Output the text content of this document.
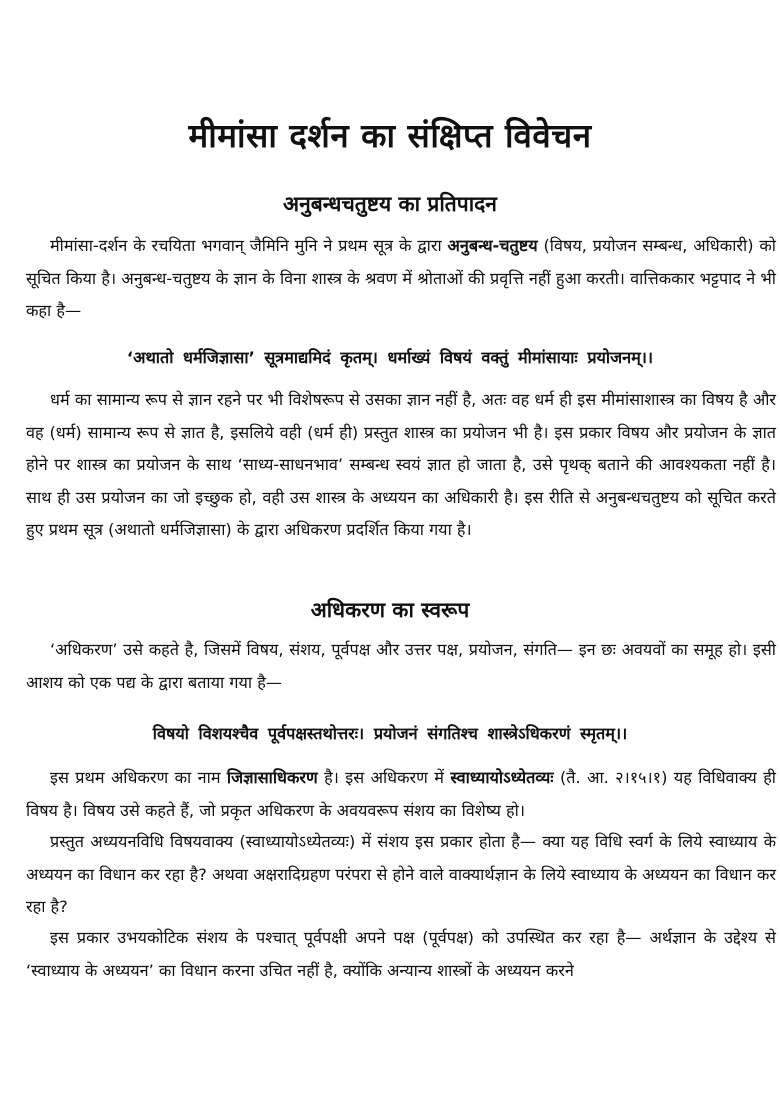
मीमांसा दर्शन का संक्षिप्त विवेचन
अनुबन्धचतुष्टय का प्रतिपादन
मीमांसा-दर्शन के रचयिता भगवान् जैमिनि मुनि ने प्रथम सूत्र के द्वारा अनुबन्ध-चतुष्टय (विषय, प्रयोजन सम्बन्ध, अधिकारी) को सूचित किया है। अनुबन्ध-चतुष्टय के ज्ञान के विना शास्त्र के श्रवण में श्रोताओं की प्रवृत्ति नहीं हुआ करती। वात्तिककार भट्टपाद ने भी कहा है—
‘अथातो धर्मजिज्ञासा’ सूत्रमाद्यमिदं कृतम्। धर्माख्यं विषयं वक्तुं मीमांसायाः प्रयोजनम्।।
धर्म का सामान्य रूप से ज्ञान रहने पर भी विशेषरूप से उसका ज्ञान नहीं है, अतः वह धर्म ही इस मीमांसाशास्त्र का विषय है और वह (धर्म) सामान्य रूप से ज्ञात है, इसलिये वही (धर्म ही) प्रस्तुत शास्त्र का प्रयोजन भी है। इस प्रकार विषय और प्रयोजन के ज्ञात होने पर शास्त्र का प्रयोजन के साथ ‘साध्य-साधनभाव’ सम्बन्ध स्वयं ज्ञात हो जाता है, उसे पृथक् बताने की आवश्यकता नहीं है। साथ ही उस प्रयोजन का जो इच्छुक हो, वही उस शास्त्र के अध्ययन का अधिकारी है। इस रीति से अनुबन्धचतुष्टय को सूचित करते हुए प्रथम सूत्र (अथातो धर्मजिज्ञासा) के द्वारा अधिकरण प्रदर्शित किया गया है।
अधिकरण का स्वरूप
‘अधिकरण’ उसे कहते है, जिसमें विषय, संशय, पूर्वपक्ष और उत्तर पक्ष, प्रयोजन, संगति— इन छः अवयवों का समूह हो। इसी आशय को एक पद्य के द्वारा बताया गया है—
विषयो विशयश्चैव पूर्वपक्षस्तथोत्तरः। प्रयोजनं संगतिश्च शास्त्रेऽधिकरणं स्मृतम्।।
इस प्रथम अधिकरण का नाम जिज्ञासाधिकरण है। इस अधिकरण में स्वाध्यायोऽध्येतव्यः (तै. आ. २।१५।१) यह विधिवाक्य ही विषय है। विषय उसे कहते हैं, जो प्रकृत अधिकरण के अवयवरूप संशय का विशेष्य हो।
प्रस्तुत अध्ययनविधि विषयवाक्य (स्वाध्यायोऽध्येतव्यः) में संशय इस प्रकार होता है— क्या यह विधि स्वर्ग के लिये स्वाध्याय के अध्ययन का विधान कर रहा है? अथवा अक्षरादिग्रहण परंपरा से होने वाले वाक्यार्थज्ञान के लिये स्वाध्याय के अध्ययन का विधान कर रहा है?
इस प्रकार उभयकोटिक संशय के पश्चात् पूर्वपक्षी अपने पक्ष (पूर्वपक्ष) को उपस्थित कर रहा है— अर्थज्ञान के उद्देश्य से ‘स्वाध्याय के अध्ययन’ का विधान करना उचित नहीं है, क्योंकि अन्यान्य शास्त्रों के अध्ययन करने
